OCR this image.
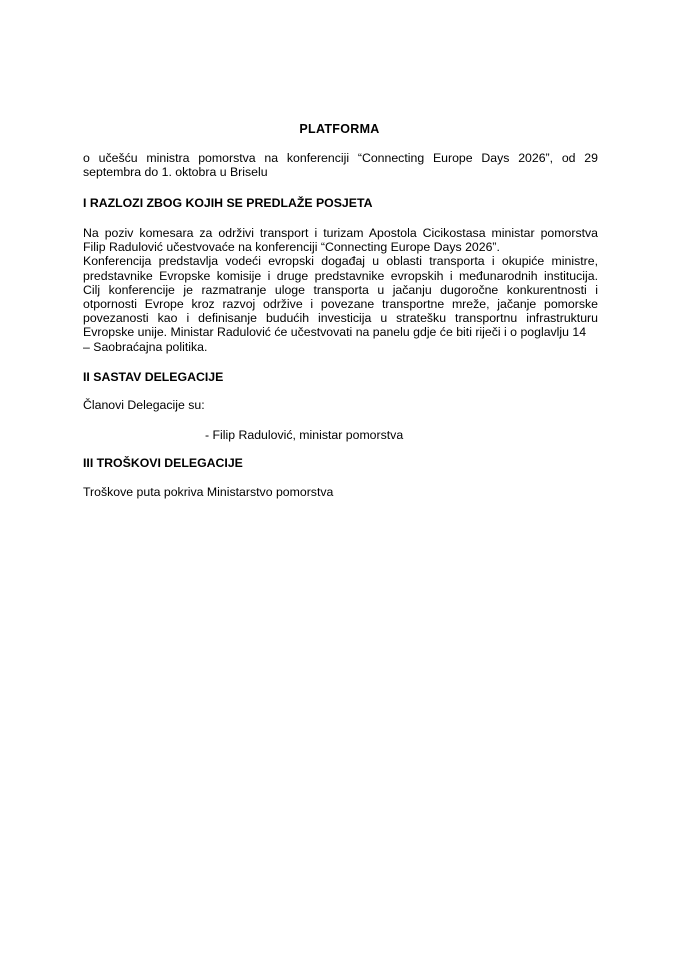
PLATFORMA

o učešću ministra pomorstva na konferenciji “Connecting Europe Days 2026”, od 29
septembra do 1. oktobra u Briselu

I RAZLOZI ZBOG KOJIH SE PREDLAŽE POSJETA

Na poziv komesara za održivi transport i turizam Apostola Cicikostasa ministar pomorstva
Filip Radulović učestvovaće na konferenciji “Connecting Europe Days 2026”.
Konferencija predstavlja vodeći evropski događaj u oblasti transporta i okupiće ministre,
predstavnike Evropske komisije i druge predstavnike evropskih i međunarodnih institucija.
Cilj konferencije je razmatranje uloge transporta u jačanju dugoročne konkurentnosti i
otpornosti Evrope kroz razvoj održive i povezane transportne mreže, jačanje pomorske
povezanosti kao i definisanje budućih investicija u stratešku transportnu infrastrukturu
Evropske unije. Ministar Radulović će učestvovati na panelu gdje će biti riječi i o poglavlju 14
– Saobraćajna politika.

II SASTAV DELEGACIJE

Članovi Delegacije su:

- Filip Radulović, ministar pomorstva

III TROŠKOVI DELEGACIJE

Troškove puta pokriva Ministarstvo pomorstva
